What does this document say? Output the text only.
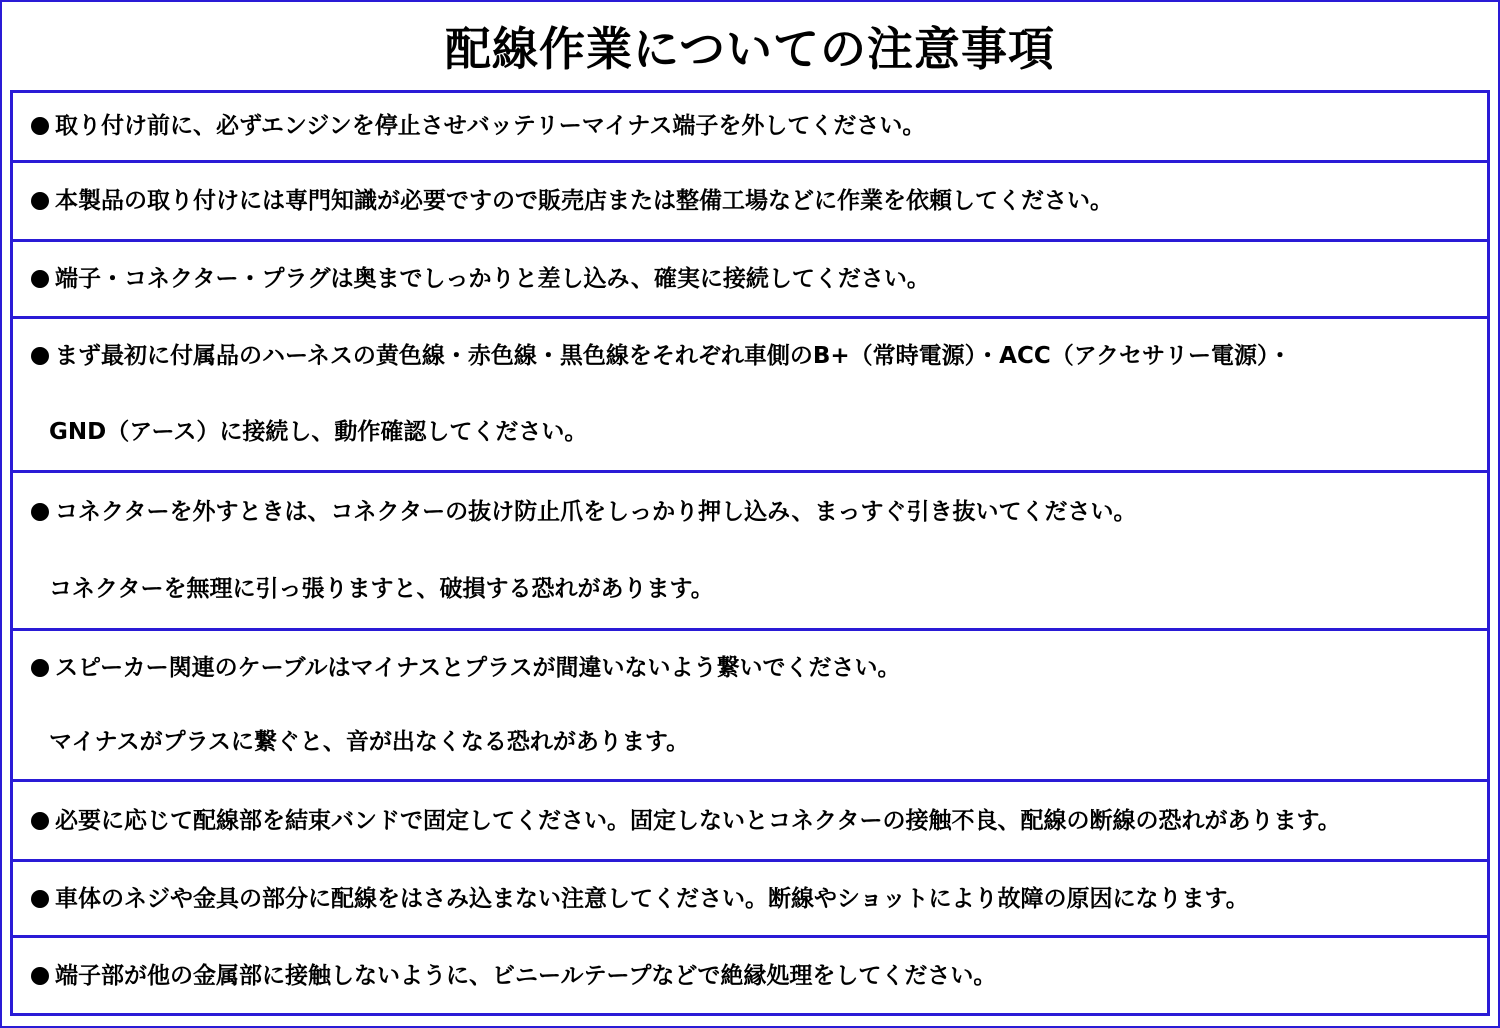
配線作業についての注意事項
取り付け前に、必ずエンジンを停止させバッテリーマイナス端子を外してください。
本製品の取り付けには専門知識が必要ですので販売店または整備工場などに作業を依頼してください。
端子・コネクター・プラグは奥までしっかりと差し込み、確実に接続してください。
まず最初に付属品のハーネスの黄色線・赤色線・黒色線をそれぞれ車側のB+（常時電源）・ACC（アクセサリー電源）・
GND（アース）に接続し、動作確認してください。
コネクターを外すときは、コネクターの抜け防止爪をしっかり押し込み、まっすぐ引き抜いてください。
コネクターを無理に引っ張りますと、破損する恐れがあります。
スピーカー関連のケーブルはマイナスとプラスが間違いないよう繋いでください。
マイナスがプラスに繋ぐと、音が出なくなる恐れがあります。
必要に応じて配線部を結束バンドで固定してください。固定しないとコネクターの接触不良、配線の断線の恐れがあります。
車体のネジや金具の部分に配線をはさみ込まない注意してください。断線やショットにより故障の原因になります。
端子部が他の金属部に接触しないように、ビニールテープなどで絶縁処理をしてください。
